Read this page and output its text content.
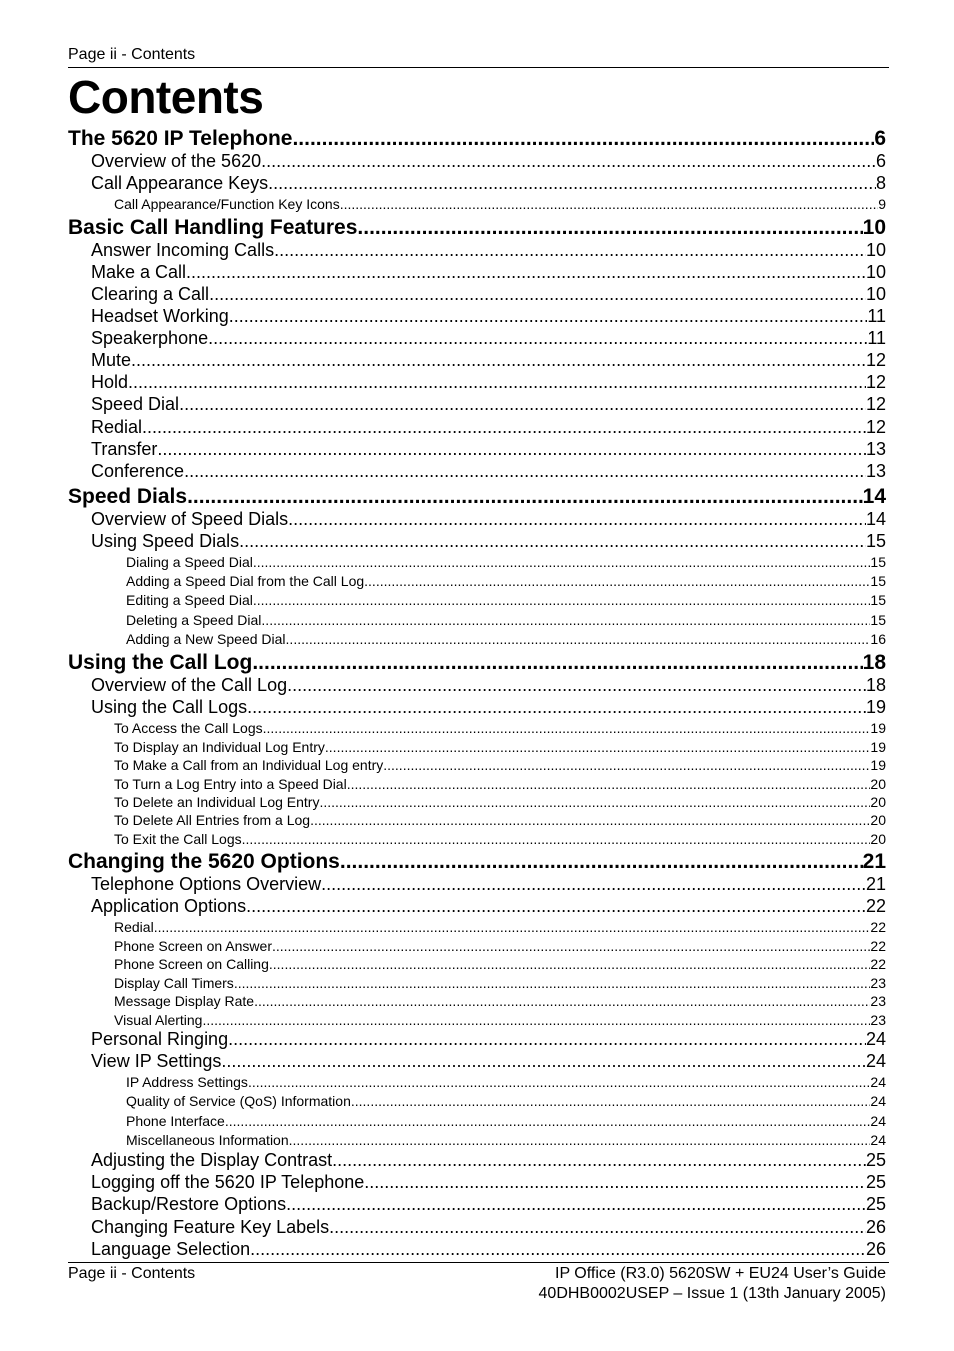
Page ii - Contents
Contents
The 5620 IP Telephone .....	6
Overview of the 5620 .....	6
Call Appearance Keys .....	8
Call Appearance/Function Key Icons .....	9
Basic Call Handling Features .....	10
Answer Incoming Calls .....	10
Make a Call .....	10
Clearing a Call .....	10
Headset Working .....	11
Speakerphone .....	11
Mute .....	12
Hold .....	12
Speed Dial .....	12
Redial .....	12
Transfer .....	13
Conference .....	13
Speed Dials .....	14
Overview of Speed Dials .....	14
Using Speed Dials .....	15
Dialing a Speed Dial .....	15
Adding a Speed Dial from the Call Log .....	15
Editing a Speed Dial .....	15
Deleting a Speed Dial .....	15
Adding a New Speed Dial .....	16
Using the Call Log .....	18
Overview of the Call Log .....	18
Using the Call Logs .....	19
To Access the Call Logs .....	19
To Display an Individual Log Entry .....	19
To Make a Call from an Individual Log entry .....	19
To Turn a Log Entry into a Speed Dial .....	20
To Delete an Individual Log Entry .....	20
To Delete All Entries from a Log .....	20
To Exit the Call Logs .....	20
Changing the 5620 Options .....	21
Telephone Options Overview .....	21
Application Options .....	22
Redial .....	22
Phone Screen on Answer .....	22
Phone Screen on Calling .....	22
Display Call Timers .....	23
Message Display Rate .....	23
Visual Alerting .....	23
Personal Ringing .....	24
View IP Settings .....	24
IP Address Settings .....	24
Quality of Service (QoS) Information .....	24
Phone Interface .....	24
Miscellaneous Information .....	24
Adjusting the Display Contrast .....	25
Logging off the 5620 IP Telephone .....	25
Backup/Restore Options .....	25
Changing Feature Key Labels .....	26
Language Selection .....	26
Page ii - Contents	IP Office (R3.0) 5620SW + EU24 User’s Guide
40DHB0002USEP – Issue 1 (13th January 2005)
